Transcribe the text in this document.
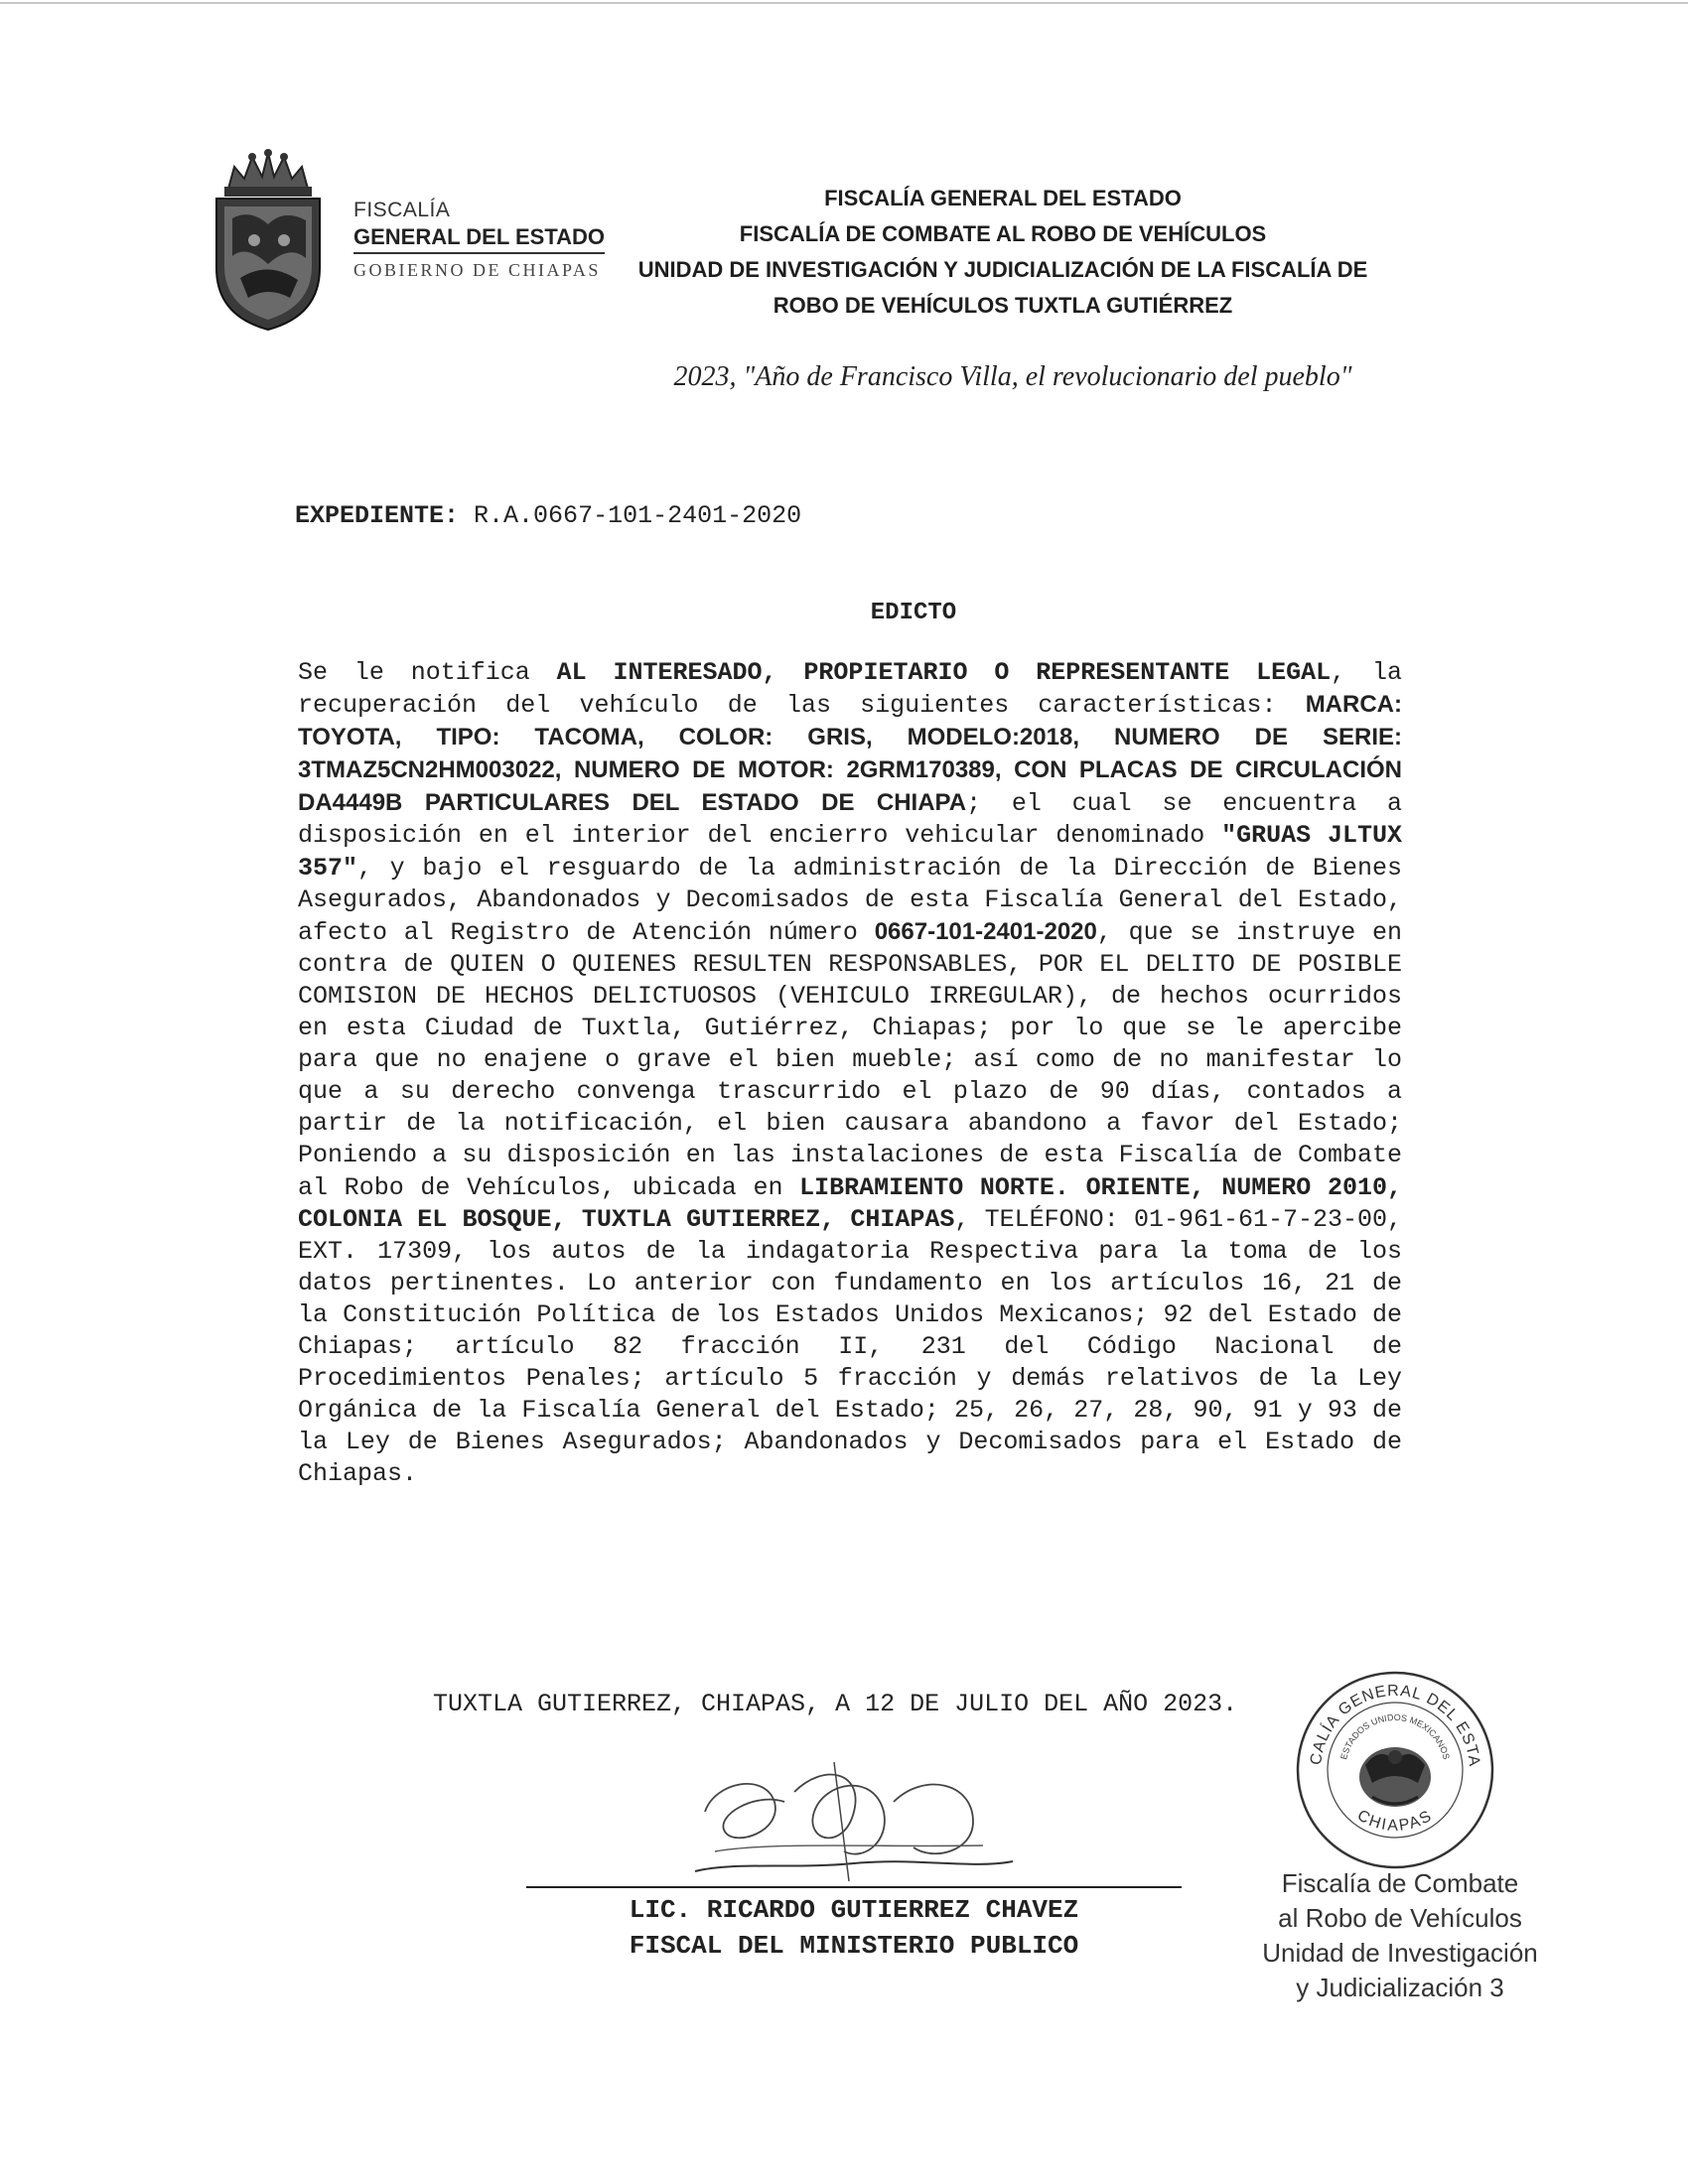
FISCALÍA
GENERAL DEL ESTADO
GOBIERNO DE CHIAPAS
FISCALÍA GENERAL DEL ESTADO
FISCALÍA DE COMBATE AL ROBO DE VEHÍCULOS
UNIDAD DE INVESTIGACIÓN Y JUDICIALIZACIÓN DE LA FISCALÍA DE
ROBO DE VEHÍCULOS TUXTLA GUTIÉRREZ
2023, "Año de Francisco Villa, el revolucionario del pueblo"
EXPEDIENTE: R.A.0667-101-2401-2020
EDICTO
Se le notifica AL INTERESADO, PROPIETARIO O REPRESENTANTE LEGAL, la recuperación del vehículo de las siguientes características: MARCA: TOYOTA, TIPO: TACOMA, COLOR: GRIS, MODELO:2018, NUMERO DE SERIE: 3TMAZ5CN2HM003022, NUMERO DE MOTOR: 2GRM170389, CON PLACAS DE CIRCULACIÓN DA4449B PARTICULARES DEL ESTADO DE CHIAPA; el cual se encuentra a disposición en el interior del encierro vehicular denominado "GRUAS JLTUX 357", y bajo el resguardo de la administración de la Dirección de Bienes Asegurados, Abandonados y Decomisados de esta Fiscalía General del Estado, afecto al Registro de Atención número 0667-101-2401-2020, que se instruye en contra de QUIEN O QUIENES RESULTEN RESPONSABLES, POR EL DELITO DE POSIBLE COMISION DE HECHOS DELICTUOSOS (VEHICULO IRREGULAR), de hechos ocurridos en esta Ciudad de Tuxtla, Gutiérrez, Chiapas; por lo que se le apercibe para que no enajene o grave el bien mueble; así como de no manifestar lo que a su derecho convenga trascurrido el plazo de 90 días, contados a partir de la notificación, el bien causara abandono a favor del Estado; Poniendo a su disposición en las instalaciones de esta Fiscalía de Combate al Robo de Vehículos, ubicada en LIBRAMIENTO NORTE. ORIENTE, NUMERO 2010, COLONIA EL BOSQUE, TUXTLA GUTIERREZ, CHIAPAS, TELÉFONO: 01-961-61-7-23-00, EXT. 17309, los autos de la indagatoria Respectiva para la toma de los datos pertinentes. Lo anterior con fundamento en los artículos 16, 21 de la Constitución Política de los Estados Unidos Mexicanos; 92 del Estado de Chiapas; artículo 82 fracción II, 231 del Código Nacional de Procedimientos Penales; artículo 5 fracción y demás relativos de la Ley Orgánica de la Fiscalía General del Estado; 25, 26, 27, 28, 90, 91 y 93 de la Ley de Bienes Asegurados; Abandonados y Decomisados para el Estado de Chiapas.
TUXTLA GUTIERREZ, CHIAPAS, A 12 DE JULIO DEL AÑO 2023.
LIC. RICARDO GUTIERREZ CHAVEZ
FISCAL DEL MINISTERIO PUBLICO
CALÍA GENERAL DEL ESTA
ESTADOS UNIDOS MEXICANOS
CHIAPAS
Fiscalía de Combate
al Robo de Vehículos
Unidad de Investigación
y Judicialización 3
